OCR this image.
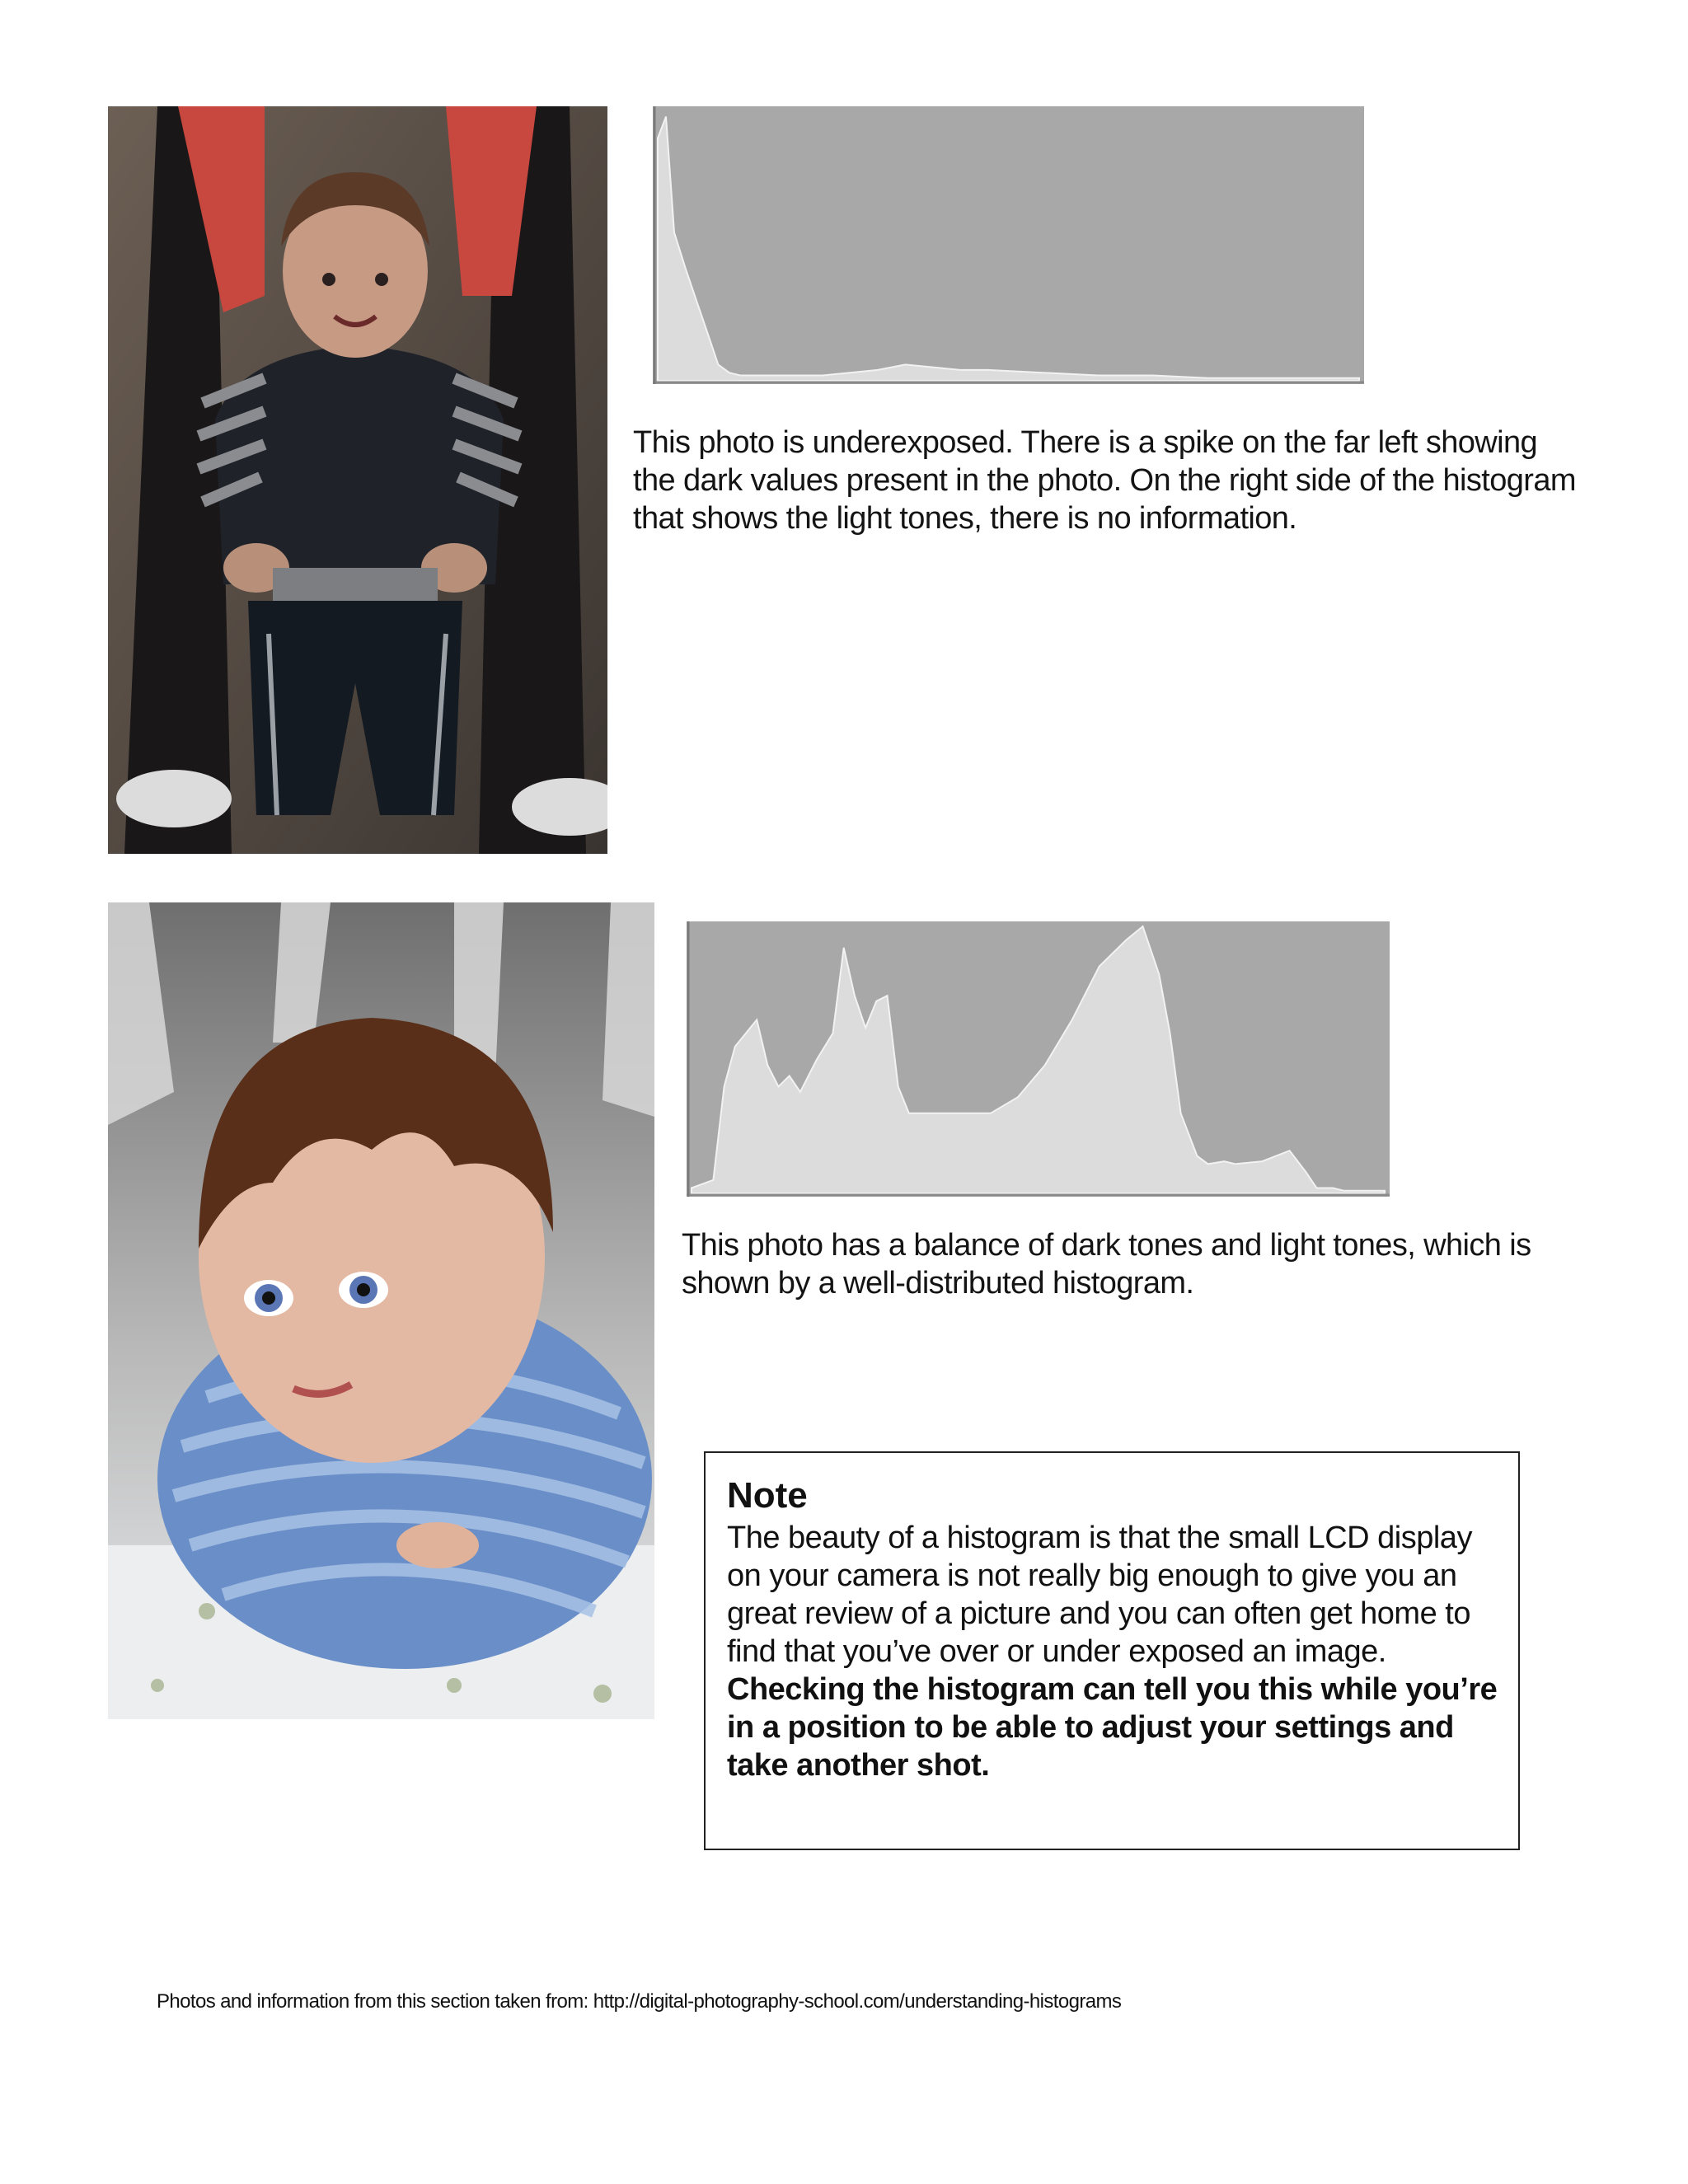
This photo is underexposed. There is a spike on the far left showing the dark values present in the photo. On the right side of the histogram that shows the light tones, there is no information.
This photo has a balance of dark tones and light tones, which is shown by a well-distributed histogram.
Note
The beauty of a histogram is that the small LCD display on your camera is not really big enough to give you an great review of a picture and you can often get home to find that you’ve over or under exposed an image. Checking the histogram can tell you this while you’re in a position to be able to adjust your settings and take another shot.
Photos and information from this section taken from: http://digital-photography-school.com/understanding-histograms
